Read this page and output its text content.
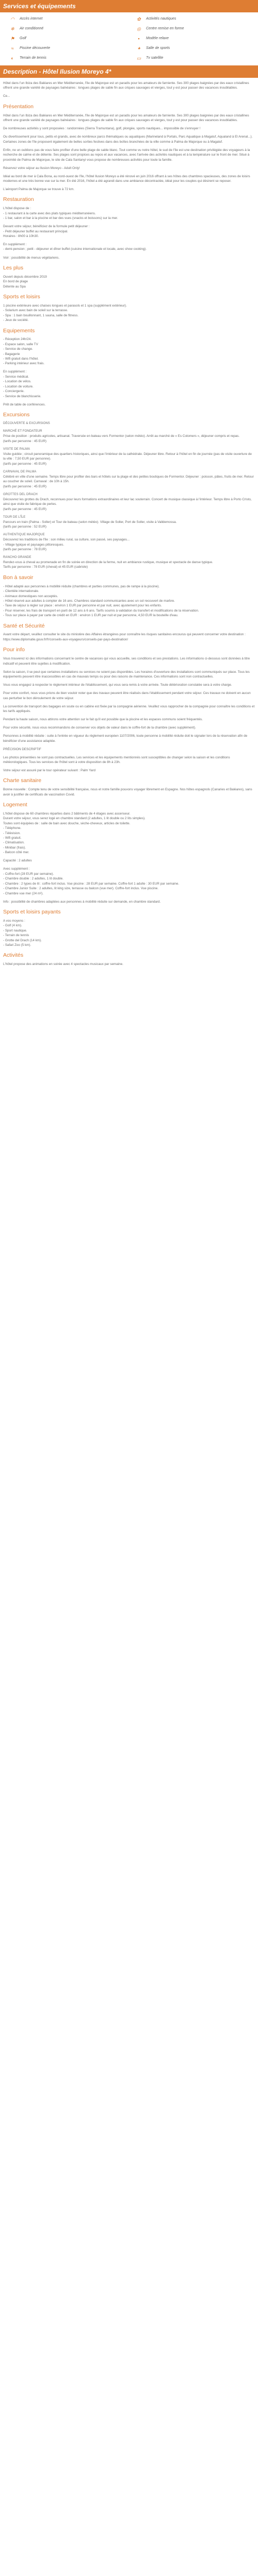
Services et équipements
◠	Accès internet	✿	Activités nautiques
❄	Air conditionné	◎	Centre remise en forme
⚑	Golf	▪	Modèle relaxe
≈	Piscine découverte	✦	Salle de sports
◐	Terrain de tennis	▭	Tv satellite
Description - Hôtel Ilusion Moreyo 4*

Hôtel dans l'un Ibiza des Baléares en Mer Méditerranée, l'île de Majorque est un paradis pour les amateurs de farniente. Ses 300 plages baignées par des eaux cristallines offrent une grande variété de paysages balnéaires : longues plages de sable fin aux criques sauvages et vierges, tout y est pour passer des vacances inoubliables.

Ce...

Présentation

Hôtel dans l'un Ibiza des Baléares en Mer Méditerranée, l'île de Majorque est un paradis pour les amateurs de farniente. Ses 300 plages baignées par des eaux cristallines offrent une grande variété de paysages balnéaires : longues plages de sable fin aux criques sauvages et vierges, tout y est pour passer des vacances inoubliables.

De nombreuses activités y sont proposées : randonnées (Sierra Tramuntana), golf, plongée, sports nautiques... impossible de s'ennuyer !

Ou divertissement pour tous, petits et grands, avec de nombreux parcs thématiques ou aquatiques (Marineland à Portals, Parc Aquatique à Magaluf, Aqualand à El Arenal...). Certaines zones de l'île proposent également de belles sorties festives dans des boîtes branchées de la ville comme à Palma de Majorque ou à Magaluf.

Enfin, ne un oublions pas de vous faire profiter d'une belle plage de sable blanc. Tout comme vu notre hôtel, le sud de l'île est une destination privilégiée des voyageurs à la recherche de calme et de détente. Ses plages sont propices au repos et aux vacances, avec l'arrivée des activités nautiques et à la température sur le front de mer. Situé à proximité de Palma de Majorque, le site de Cala Santanyi vous propose de nombreuses activités pour toute la famille.

Réservez votre séjour au Ilusion Moreyo - Adult Only!

Idéal au bord de mer à Cala Bona, au nord-ouest de l'île, l'hôtel Ilusion Moreyo a été rénové en juin 2016 offrant à ses hôtes des chambres spacieuses, des zones de loisirs modernes et une très bonne vue sur la mer. En été 2016, l'hôtel a été agrandi dans une ambiance décontractée, idéal pour les couples qui désirent se reposer.

L'aéroport Palma de Majorque se trouve à 72 km.

Restauration

L'hôtel dispose de :
- 1 restaurant à la carte avec des plats typiques méditerranéens.
- 1 bar, salon et bar à la piscine et bar des vues (snacks et boissons) sur la mer.

Devant votre séjour, bénéficiez de la formule petit déjeuner :
- Petit déjeuner buffet au restaurant principal.
Horaires : 8h00 à 10h30.

En supplément :
- demi-pension ; petit - déjeuner et dîner buffet (cuisine internationale et locale, avec show cooking).

Voir : possibilité de menus végétariens.

Les plus

Ouvert depuis décembre 2019
En bord de plage
Détente au Spa

Sports et loisirs

1 piscine extérieure avec chaises longues et parasols et 1 spa (supplément extérieur).
- Solarium avec bain de soleil sur la terrasse.
- Spa : 1 bain bouillonnant, 1 sauna, salle de fitness.
- Jeux de société.

Equipements

- Réception 24h/24.
- Espace salon, salle TV
- Service de change.
- Bagagerie
- Wifi gratuit dans l'hôtel.
- Parking intérieur avec frais.

En supplément :
- Service médical.
- Location de vélos.
- Location de voiture.
- Conciergerie.
- Service de blanchisserie.

Prêt de table de conférences.

Excursions

DÉCOUVERTE & EXCURSIONS

MARCHÉ ET FONDATEUR
Prise de position : produits agricoles, artisanat. Traversée en bateau vers Formentor (selon météo). Arrêt au marché de « Es Colomers », déjeuner compris et repas.
(tarifs par personne : 45 EUR)

VISITE DE PALMA
Visite guidée ; circuit panoramique des quartiers historiques, ainsi que l'intérieur de la cathédrale. Déjeuner libre. Retour à l'hôtel en fin de journée (pas de visite ouverture de la ville : 7,50 EUR par personne).
(tarifs par personne : 45 EUR)

CARNAVAL DE PALMA
Célébré en ville d'une semaine. Temps libre pour profiter des bars et hôtels sur la plage et des petites boutiques de Formentor. Déjeuner : poisson, pâtes, fruits de mer. Retour au coucher de soleil. Carnaval : de 10h à 15h.
(tarifs par personne : 45 EUR)

GROTTES DEL DRACH
Découvrez les grottes du Drach, reconnues pour leurs formations extraordinaires et leur lac souterrain. Concert de musique classique à l'intérieur. Temps libre à Porto Cristo, ainsi que visite de fabrique de perles.
(tarifs par personne : 45 EUR)

TOUR DE L'ÎLE
Parcours en train (Palma - Soller) et Tour de bateau (selon météo). Village de Soller, Port de Soller, visite à Valldemossa.
(tarifs par personne : 52 EUR)

AUTHENTIQUE MAJORQUE
Découvrez les traditions de l'île : son milieu rural, sa culture, son passé, ses paysages...
- Village typique et paysages pittoresques.
(tarifs par personne : 78 EUR)

RANCHO GRANDE
Rendez-vous à cheval au promenade en fin de soirée en direction de la ferme, nuit en ambiance rustique, musique et spectacle de danse typique.
Tarifs par personne : 78 EUR (cheval) et 45 EUR (cabriole)

Bon à savoir

- Hôtel adapté aux personnes à mobilité réduite (chambres et parties communes, pas de rampe à la piscine).
- Clientèle internationale.
- Animaux domestiques non acceptés.
- Hôtel réservé aux adultes à compter de 16 ans. Chambres standard communicantes avec un sol recouvert de marbre.
- Taxe de séjour à régler sur place : environ 1 EUR par personne et par nuit, avec ajustement pour les enfants.
- Pour réserver, les frais de transport en parti de 12 ans à 6 ans. Tarifs soumis à validation du transfert et modifications de la réservation.
- Tous sur place à payer par carte de crédit en EUR : environ 1 EUR par nuit et par personne, 4,50 EUR la bouteille d'eau.

Santé et Sécurité

Avant votre départ, veuillez consulter le site du ministère des Affaires étrangères pour connaître les risques sanitaires encourus qui peuvent concerner votre destination : https://www.diplomatie.gouv.fr/fr/conseils-aux-voyageurs/conseils-par-pays-destination/

Pour info

Vous trouverez ici des informations concernant le centre de vacances qui vous accueille, ses conditions et ses prestations. Les informations ci-dessous sont données à titre indicatif et peuvent être sujettes à modification.

Selon la saison, il se peut que certaines installations ou services ne soient pas disponibles. Les horaires d'ouverture des installations sont communiqués sur place. Tous les équipements peuvent être inaccessibles en cas de mauvais temps ou pour des raisons de maintenance. Ces informations sont non contractuelles.

Vous vous engagez à respecter le règlement intérieur de l'établissement, qui vous sera remis à votre arrivée. Toute détérioration constatée sera à votre charge.

Pour votre confort, nous vous prions de bien vouloir noter que des travaux peuvent être réalisés dans l'établissement pendant votre séjour. Ces travaux ne doivent en aucun cas perturber le bon déroulement de votre séjour.

La convention de transport des bagages en soute ou en cabine est fixée par la compagnie aérienne. Veuillez vous rapprocher de la compagnie pour connaître les conditions et les tarifs appliqués.

Pendant la haute saison, nous attirons votre attention sur le fait qu'il est possible que la piscine et les espaces communs soient fréquentés.

Pour votre sécurité, nous vous recommandons de conserver vos objets de valeur dans le coffre-fort de la chambre (avec supplément).

Personnes à mobilité réduite : suite à l'entrée en vigueur du règlement européen 1107/2006, toute personne à mobilité réduite doit le signaler lors de la réservation afin de bénéficier d'une assistance adaptée.

PRÉCISION DESCRIPTIF

Les photos présentées ne sont pas contractuelles. Les services et les équipements mentionnés sont susceptibles de changer selon la saison et les conditions météorologiques. Tous les services de l'hôtel sont à votre disposition de 8h à 23h.

Votre séjour est assuré par le tour opérateur suivant : Palm Yard

Charte sanitaire

Bonne nouvelle : Compte tenu de votre sensibilité française, nous et notre famille pouvons voyager librement en Espagne. Nos hôtes espagnols (Canaries et Baléares), sans avoir à justifier de certificats de vaccination Covid.

Logement

L'hôtel dispose de 60 chambres réparties dans 2 bâtiments de 4 étages avec ascenseur.
Durant votre séjour, vous serez logé en chambre standard (2 adultes, 1 lit double ou 2 lits simples).
Toutes sont équipées de : salle de bain avec douche, sèche-cheveux, articles de toilette.
- Téléphone.
- Télévision.
- Wifi gratuit.
- Climatisation.
- Minibar (frais).
- Balcon côté mer.

Capacité : 2 adultes

Avec supplément :
- Coffre-fort (28 EUR par semaine).
- Chambre double : 2 adultes, 1 lit double.
- Chambre : 2 types de lit : coffre-fort inclus. Vue piscine : 28 EUR par semaine. Coffre-fort 1 adulte : 30 EUR par semaine.
- Chambre Junior Suite : 2 adultes, lit king size, terrasse ou balcon (vue mer). Coffre-fort inclus. Vue piscine.
- Chambre vue mer (24 m²).

Info : possibilité de chambres adaptées aux personnes à mobilité réduite sur demande, en chambre standard.

Sports et loisirs payants

A vos moyens :
- Golf (4 km).
- Sport nautique.
- Terrain de tennis
- Grotte del Drach (14 km).
- Safari Zoo (5 km).

Activités

L'hôtel propose des animations en soirée avec 4 spectacles musicaux par semaine.
